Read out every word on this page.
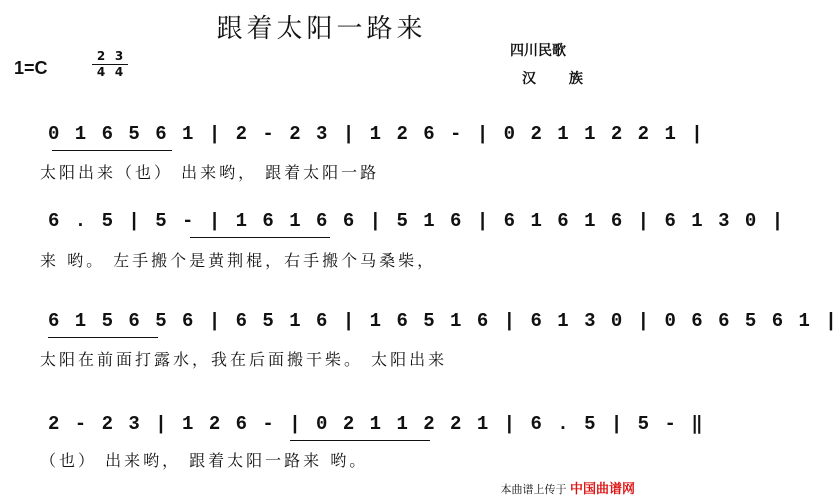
跟着太阳一路来
四川民歌
汉 族
1=C
2 3
4 4
0 1 6 5 6 1 | 2 - 2 3 | 1 2 6 - | 0 2 1 1 2 2 1 |
太阳出来（也） 出来哟， 跟着太阳一路
6 . 5 | 5 - | 1 6 1 6 6 | 5 1 6 | 6 1 6 1 6 | 6 1 3 0 |
来 哟。 左手搬个是黄荆棍，右手搬个马桑柴，
6 1 5 6 5 6 | 6 5 1 6 | 1 6 5 1 6 | 6 1 3 0 | 0 6 6 5 6 1 |
太阳在前面打露水，我在后面搬干柴。 太阳出来
2 - 2 3 | 1 2 6 - | 0 2 1 1 2 2 1 | 6 . 5 | 5 - ‖
（也） 出来哟， 跟着太阳一路来 哟。
本曲谱上传于 中国曲谱网
